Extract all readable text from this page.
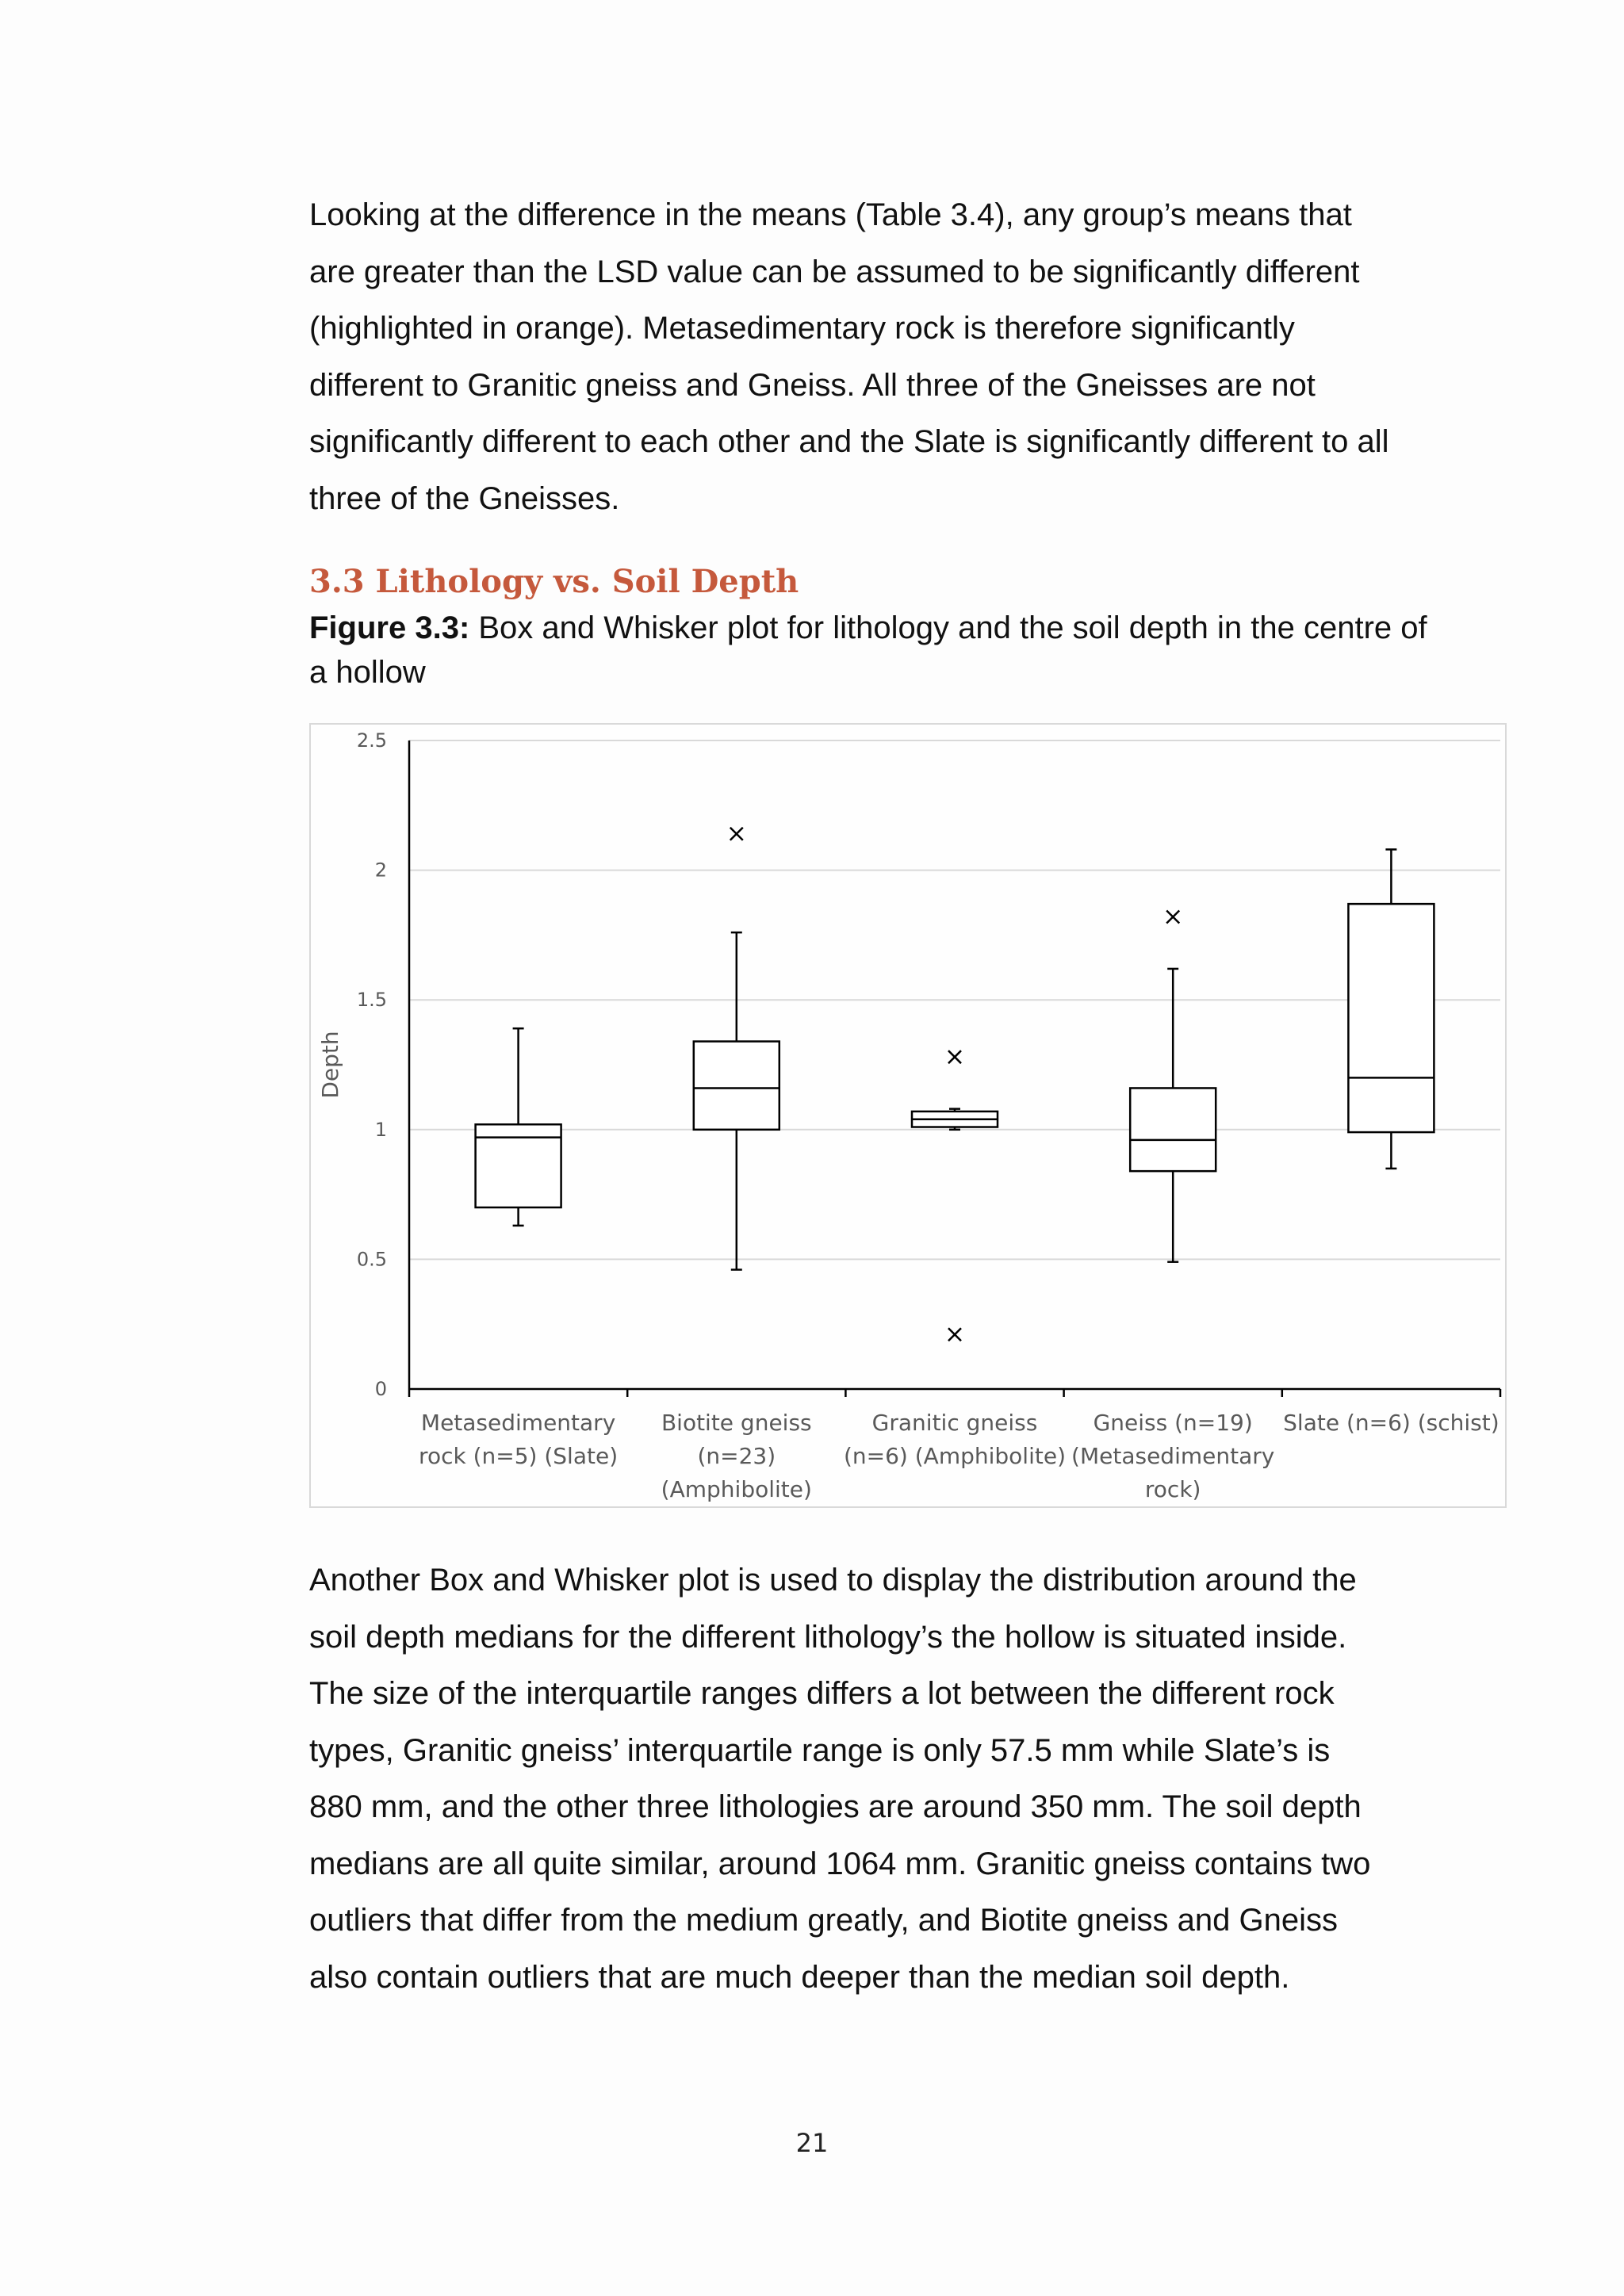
Looking at the difference in the means (Table 3.4), any group’s means that
are greater than the LSD value can be assumed to be significantly different
(highlighted in orange). Metasedimentary rock is therefore significantly
different to Granitic gneiss and Gneiss. All three of the Gneisses are not
significantly different to each other and the Slate is significantly different to all
three of the Gneisses.
3.3 Lithology vs. Soil Depth

Figure 3.3: Box and Whisker plot for lithology and the soil depth in the centre of a hollow

0
0.5
1
1.5
2
2.5
Depth
Metasedimentary
rock (n=5) (Slate)
Biotite gneiss
(n=23)
(Amphibolite)
Granitic gneiss
(n=6) (Amphibolite)
Gneiss (n=19)
(Metasedimentary
rock)
Slate (n=6) (schist)
Another Box and Whisker plot is used to display the distribution around the
soil depth medians for the different lithology’s the hollow is situated inside.
The size of the interquartile ranges differs a lot between the different rock
types, Granitic gneiss’ interquartile range is only 57.5 mm while Slate’s is
880 mm, and the other three lithologies are around 350 mm. The soil depth
medians are all quite similar, around 1064 mm. Granitic gneiss contains two
outliers that differ from the medium greatly, and Biotite gneiss and Gneiss
also contain outliers that are much deeper than the median soil depth.
21
